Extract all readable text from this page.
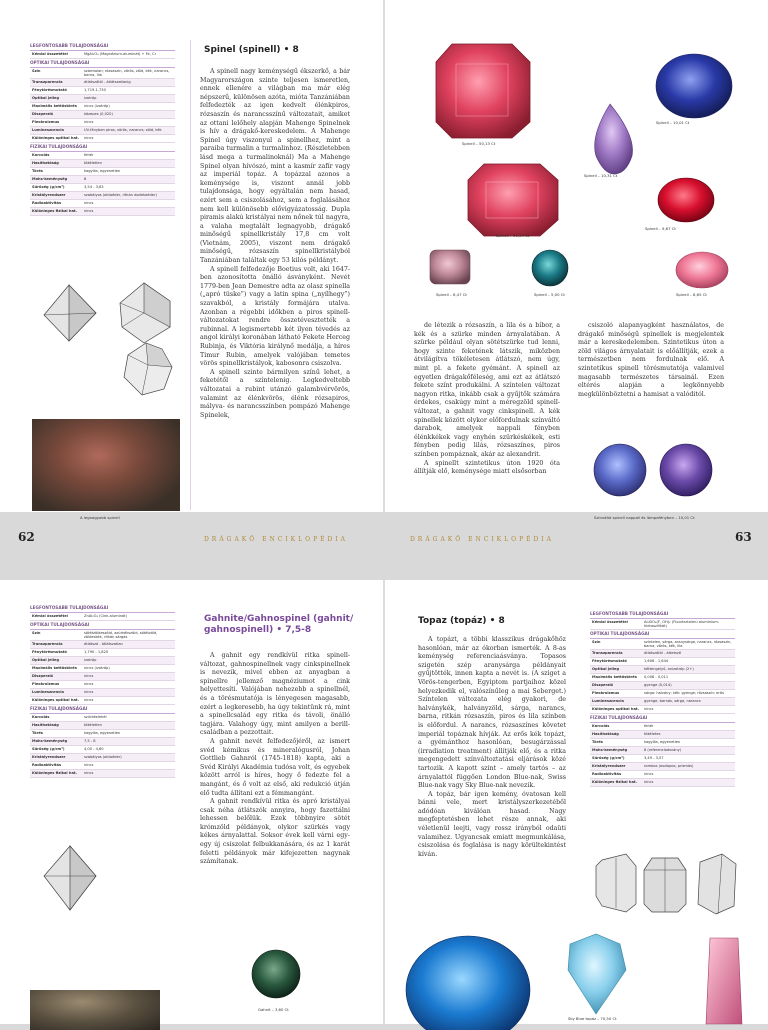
LEGFONTOSABB TULAJDONSÁGAI
Kémiai összetétel	MgAl₂O₄ (Magnézium-aluminát) + Fe, Cr
OPTIKAI TULAJDONSÁGAI
Szín	számtalan; rózsaszín, vörös, zöld, kék, narancs, barna, lila
Transzparencia	átlátszótól - átlátszatlanig
Fénytörésmutató	1,719-1,730
Optikai jelleg	izotróp
Maximális kettőstörés	nincs (izotróp)
Diszperzió	közepes (0,020)
Pleokroizmus	nincs
Lumineszcencia	UV-fényben piros, vörös, narancs; zöld, kék
Különleges optikai hat.	nincs
FIZIKAI TULAJDONSÁGAI
Karcolás	fehér
Hasíthatóság	tökéletlen
Törés	kagylós, egyenetlen
Mohs-keménység	8
Sűrűség (g/cm³)	3,54 - 3,63
Kristályrendszer	szabályos (oktaéder, ritkán dodekaéder)
Radioaktivitás	nincs
Különleges fizikai hat.	nincs
A legnagyobb spinell
Spinel (spinell) • 8

A spinell nagy keménységű ékszerkő, a bár Magyarországon szinte teljesen ismeretlen, ennek ellenére a világban ma már elég népszerű, különösen azóta, mióta Tanzániában felfedezték az igen kedvelt élénkpiros, rózsaszín és narancsszínű változatait, amiket az ottani lelőhely alapján Mahenge Spinelnek is hív a drágakő-kereskedelem. A Mahenge Spinel úgy viszonyul a spinellhez, mint a paraiba turmalin a turmalinhoz. (Részletebben lásd mega a turmalinoknál) Ma a Mahenge Spinel olyan hívószó, mint a kasmír zafír vagy az imperiál topáz. A topázzal azonos a keménysége is, viszont annál jobb tulajdonsága, hogy egyáltalán nem hasad, ezért sem a csiszolásához, sem a foglalásához nem kell különösebb elővigyázatosság. Dupla piramis alakú kristályai nem nőnek túl nagyra, a valaha megtalált legnagyobb, drágakő minőségű spinellkristály 17,8 cm volt (Vietnám, 2005), viszont nem drágakő minőségű, rózsaszín spinellkristályból Tanzániában találtak egy 53 kilós példányt.

A spinell felfedezője Boetius volt, aki 1647-ben azonosította önálló ásványként. Nevét 1779-ben Jean Demestre adta az olasz spinella („apró tüske”) vagy a latin spina („nyílhegy”) szavakból, a kristály formájára utalva. Azonban a régebbi időkben a piros spinell-változatokat rendre összetévesztették a rubinnal. A legismertebb két ilyen tévedés az angol királyi koronában látható Fekete Herceg Rubinja, és Viktória királynő medálja, a híres Timur Rubin, amelyek valójában temetes vörös spinellkristályok, kabosonra csiszolva.

A spinell szinte bármilyen színű lehet, a feketétől a színtelenig. Legkedveltebb változatai a rubint utánzó galambvérvörös, valamint az élénkvörös, élénk rózsapiros, mályva- és narancsszínben pompázó Mahenge Spinelek,

de létezik a rózsaszín, a lila és a bíbor, a kék és a szürke minden árnyalatában. A szürke például olyan sötétszürke tud lenni, hogy szinte feketének látszik, miközben átvilágítva tökéletesen átlátszó, nem úgy, mint pl. a fekete gyémánt. A spinell az egyetlen drágakőféleség, ami ezt az átlátszó fekete színt produkálni. A színtelen változat nagyon ritka, inkább csak a gyűjtők számára érdekes, csakúgy mint a méregzöld spinell-változat, a gahnit vagy cinkspinell. A kék spinellek között olykor előfordulnak színváltó darabok, amelyek nappali fényben élénkkékek vagy enyhén szürkéskékek, esti fényben pedig lilás, rózsaszínes, piros színben pompáznak, akár az alexandrit.

A spinellt szintetikus úton 1920 óta állítják elő, keménysége miatt elsősorban

csiszoló alapanyagként használatos, de drágakő minőségű spinellek is megjelentek már a kereskedelemben. Szintetikus úton a zöld világos árnyalatait is előállítják, ezek a természetben nem fordulnak elő. A szintetikus spinell törésmutatója valamivel magasabb természetes társainál. Ezen eltérés alapján a legkönnyebb megkülönböztetni a hamisat a valóditól.

Spinell – 50,13 Ct
Spinell – 10,01 Ct
Spinell – 10,31 Ct
Spinell – 31,34 Ct
Spinell – 9,67 Ct
Spinell – 6,47 Ct	Spinell – 5,00 Ct	Spinell – 8,65 Ct
Színváltó spinell nappali és lámpafényben – 10,01 Ct
62	DRÁGAKŐ ENCIKLOPÉDIA	DRÁGAKŐ ENCIKLOPÉDIA	63
LEGFONTOSABB TULAJDONSÁGAI
Kémiai összetétel	ZnAl₂O₄ (Cink-aluminát)
OPTIKAI TULAJDONSÁGAI
Szín	sötétzöldeszöld, azúrkékszöld, sötétzöld, zöldeskék, ritkán sárgás
Transzparencia	átlátszó - átlátszatlan
Fénytörésmutató	1,790 - 1,820
Optikai jelleg	izotróp
Maximális kettőstörés	nincs (izotróp)
Diszperzió	nincs
Pleokroizmus	nincs
Lumineszcencia	nincs
Különleges optikai hat.	nincs
FIZIKAI TULAJDONSÁGAI
Karcolás	szürkésfehér
Hasíthatóság	tökéletlen
Törés	kagylós, egyenetlen
Mohs-keménység	7,5 - 8
Sűrűség (g/cm³)	4,00 - 4,60
Kristályrendszer	szabályos (oktaéder)
Radioaktivitás	nincs
Különleges fizikai hat.	nincs
Gahnite/Gahnospinel (gahnit/ gahnospinell) • 7,5-8

A gahnit egy rendkívül ritka spinell-változat, gahnospinellnek vagy cinkspinellnek is nevezik, mivel ebben az anyagban a spinellre jellemző magnéziumot a cink helyettesíti. Valójában nehezebb a spinellnél, és a törésmutatója is lényegesen magasabb, ezért a legkeresebb, ha úgy tekintünk rá, mint a spinellcsalád egy ritka és távoli, önálló tagjára. Valahogy úgy, mint amilyen a berill-családban a pezzottait.

A gahnit nevét felfedezőjéről, az ismert svéd kémikus és mineralógusról, Johan Gottlieb Gahnról (1745-1818) kapta, aki a Svéd Királyi Akadémia tudósa volt, és egyebek között arról is híres, hogy ő fedezte fel a mangánt, és ő volt az első, aki redukció útján elő tudta állítani ezt a fémmangánt.

A gahnit rendkívül ritka és apró kristályai csak néha átlátszók annyira, hogy fazettálni lehessen belőlük. Ezek többnyire sötét krómzöld példányok, olykor szürkés vagy kékes árnyalattal. Soksor évek kell várni egy-egy új csiszolat felbukkanására, és az 1 karát feletti példányok már kifejezetten nagynak számítanak.

Gahnit – 3,60 Ct
Topaz (topáz) • 8

A topázt, a többi klasszikus drágakőhöz hasonlóan, már az ókorban ismerték. A 8-as keménység referenciaásványa. Topasos szigetén szép aranysárga példányait gyűjtötték, innen kapta a nevét is. (A sziget a Vörös-tengerben, Egyiptom partjaihoz közel helyezkedik el, valószínűleg a mai Seberget.) Színtelen változata elég gyakori, de halványkék, halványzöld, sárga, narancs, barna, ritkán rózsaszín, piros és lila színben is előfordul. A narancs, rózsaszínes követet imperiál topáznak hívják. Az erős kék topázt, a gyémánthoz hasonlóan, besugárzással (irradiation treatment) állítják elő, és a ritka megengedett színváltoztatási eljárások közé tartozik. A kapott szint – amely tartós – az árnyalattól függően London Blue-nak, Swiss Blue-nak vagy Sky Blue-nak nevezik.

A topáz, bár igen kemény, óvatosan kell bánni vele, mert kristályszerkezetéből adódóan kiválóan hasad. Nagy megfeptetésben lehet része annak, aki véletlenül leejti, vagy rossz irányból odaüti valamihez. Ugyancsak emiatt megmunkálása, csiszolása és foglalása is nagy körültekintést kíván.

LEGFONTOSABB TULAJDONSÁGAI
Kémiai összetétel	Al₂SiO₄(F, OH)₂ (Fluortartalmú alumínium-hidroszilikát)
OPTIKAI TULAJDONSÁGAI
Szín	színtelen, sárga, aranysárga, narancs, rózsaszín, barna, vörös, kék, lila
Transzparencia	átlátszótól - áttetsző
Fénytörésmutató	1,606 - 1,644
Optikai jelleg	kéttengelyű, anizotróp (2+)
Maximális kettőstörés	0,008 - 0,011
Diszperzió	gyenge (0,014)
Pleokroizmus	sárga: halvány; kék: gyenge; rózsaszín: erős
Lumineszcencia	gyenge, barnás, sárga, narancs
Különleges optikai hat.	nincs
FIZIKAI TULAJDONSÁGAI
Karcolás	fehér
Hasíthatóság	tökéletes
Törés	kagylós, egyenetlen
Mohs-keménység	8 (referenciaásvány)
Sűrűség (g/cm³)	3,49 - 3,57
Kristályrendszer	rombos (oszlopos, prizmás)
Radioaktivitás	nincs
Különleges fizikai hat.	nincs
Sky Blue topáz – 70,50 Ct
